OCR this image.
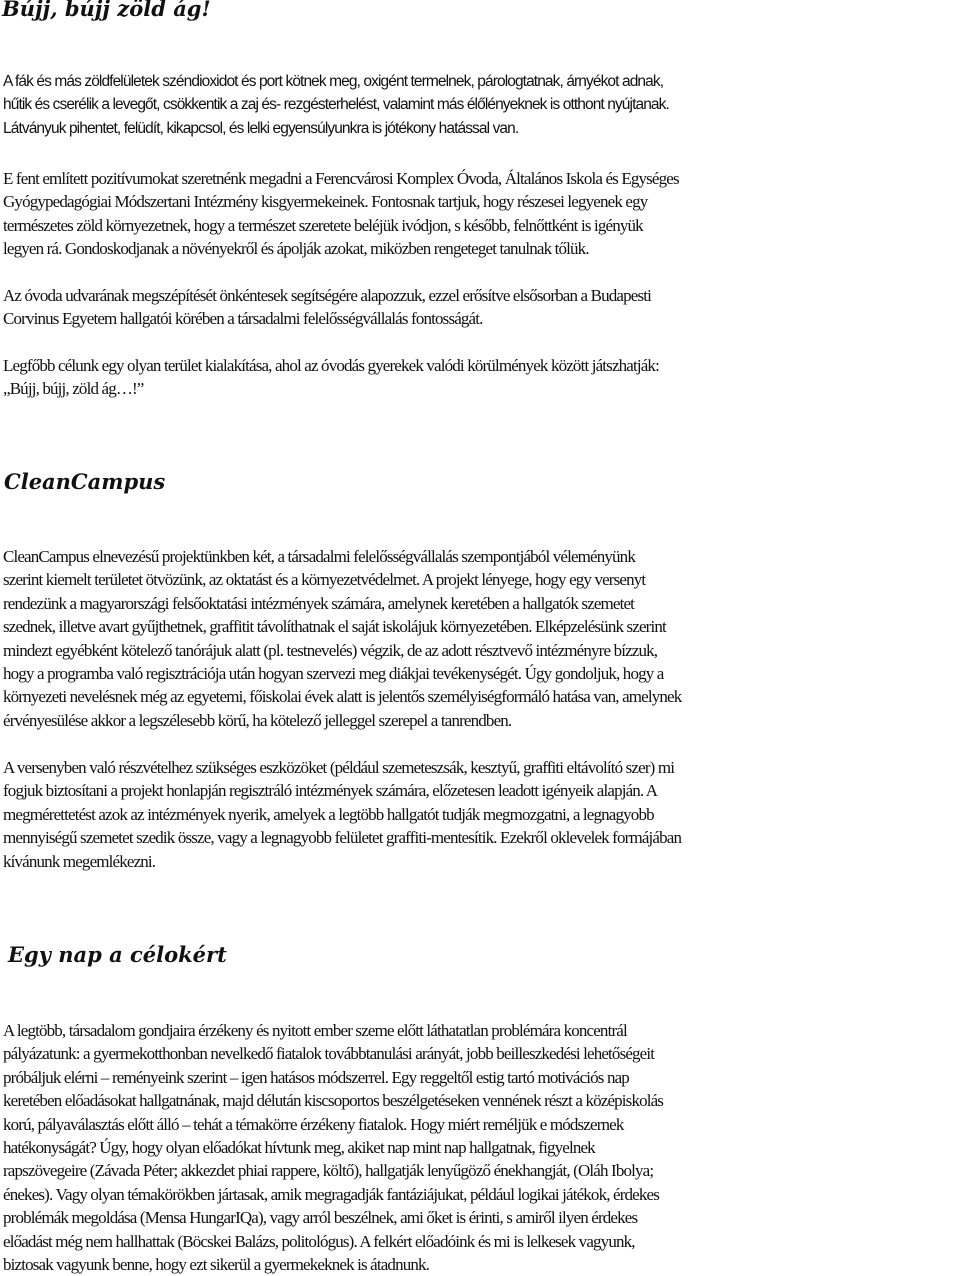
Bújj, bújj zöld ág!

A fák és más zöldfelületek széndioxidot és port kötnek meg, oxigént termelnek, párologtatnak, árnyékot adnak,
hűtik és cserélik a levegőt, csökkentik a zaj és- rezgésterhelést, valamint más élőlényeknek is otthont nyújtanak.
Látványuk pihentet, felüdít, kikapcsol, és lelki egyensúlyunkra is jótékony hatással van.

E fent említett pozitívumokat szeretnénk megadni a Ferencvárosi Komplex Óvoda, Általános Iskola és Egységes
Gyógypedagógiai Módszertani Intézmény kisgyermekeinek. Fontosnak tartjuk, hogy részesei legyenek egy
természetes zöld környezetnek, hogy a természet szeretete beléjük ivódjon, s később, felnőttként is igényük
legyen rá. Gondoskodjanak a növényekről és ápolják azokat, miközben rengeteget tanulnak tőlük.

Az óvoda udvarának megszépítését önkéntesek segítségére alapozzuk, ezzel erősítve elsősorban a Budapesti
Corvinus Egyetem hallgatói körében a társadalmi felelősségvállalás fontosságát.

Legfőbb célunk egy olyan terület kialakítása, ahol az óvodás gyerekek valódi körülmények között játszhatják:
„Bújj, bújj, zöld ág…!”

CleanCampus

CleanCampus elnevezésű projektünkben két, a társadalmi felelősségvállalás szempontjából véleményünk
szerint kiemelt területet ötvözünk, az oktatást és a környezetvédelmet. A projekt lényege, hogy egy versenyt
rendezünk a magyarországi felsőoktatási intézmények számára, amelynek keretében a hallgatók szemetet
szednek, illetve avart gyűjthetnek, graffitit távolíthatnak el saját iskolájuk környezetében. Elképzelésünk szerint
mindezt egyébként kötelező tanórájuk alatt (pl. testnevelés) végzik, de az adott résztvevő intézményre bízzuk,
hogy a programba való regisztrációja után hogyan szervezi meg diákjai tevékenységét. Úgy gondoljuk, hogy a
környezeti nevelésnek még az egyetemi, főiskolai évek alatt is jelentős személyiségformáló hatása van, amelynek
érvényesülése akkor a legszélesebb körű, ha kötelező jelleggel szerepel a tanrendben.

A versenyben való részvételhez szükséges eszközöket (például szemeteszsák, kesztyű, graffiti eltávolító szer) mi
fogjuk biztosítani a projekt honlapján regisztráló intézmények számára, előzetesen leadott igényeik alapján. A
megmérettetést azok az intézmények nyerik, amelyek a legtöbb hallgatót tudják megmozgatni, a legnagyobb
mennyiségű szemetet szedik össze, vagy a legnagyobb felületet graffiti-mentesítik. Ezekről oklevelek formájában
kívánunk megemlékezni.

Egy nap a célokért

A legtöbb, társadalom gondjaira érzékeny és nyitott ember szeme előtt láthatatlan problémára koncentrál
pályázatunk: a gyermekotthonban nevelkedő fiatalok továbbtanulási arányát, jobb beilleszkedési lehetőségeit
próbáljuk elérni – reményeink szerint – igen hatásos módszerrel. Egy reggeltől estig tartó motivációs nap
keretében előadásokat hallgatnának, majd délután kiscsoportos beszélgetéseken vennének részt a középiskolás
korú, pályaválasztás előtt álló – tehát a témakörre érzékeny fiatalok. Hogy miért reméljük e módszernek
hatékonyságát? Úgy, hogy olyan előadókat hívtunk meg, akiket nap mint nap hallgatnak, figyelnek
rapszövegeire (Závada Péter; akkezdet phiai rappere, költő), hallgatják lenyűgöző énekhangját, (Oláh Ibolya;
énekes). Vagy olyan témakörökben jártasak, amik megragadják fantáziájukat, például logikai játékok, érdekes
problémák megoldása (Mensa HungarIQa), vagy arról beszélnek, ami őket is érinti, s amiről ilyen érdekes
előadást még nem hallhattak (Böcskei Balázs, politológus). A felkért előadóink és mi is lelkesek vagyunk,
biztosak vagyunk benne, hogy ezt sikerül a gyermekeknek is átadnunk.
